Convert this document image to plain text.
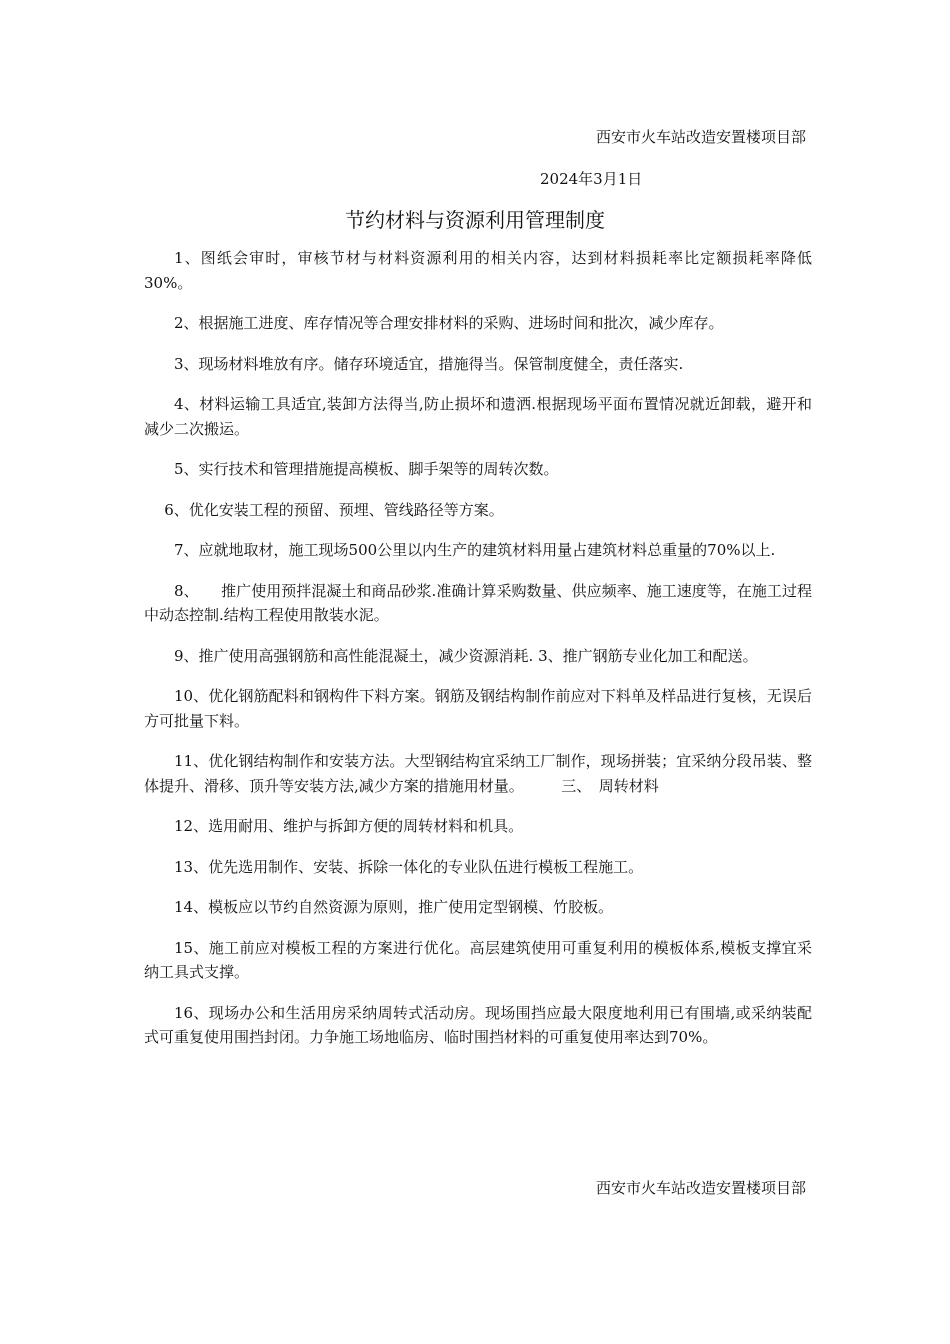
西安市火车站改造安置楼项目部
2024年3月1日
节约材料与资源利用管理制度

1、图纸会审时，审核节材与材料资源利用的相关内容，达到材料损耗率比定额损耗率降低30%。

2、根据施工进度、库存情况等合理安排材料的采购、进场时间和批次，减少库存。

3、现场材料堆放有序。储存环境适宜，措施得当。保管制度健全，责任落实.

4、材料运输工具适宜,装卸方法得当,防止损坏和遗洒.根据现场平面布置情况就近卸载，避开和减少二次搬运。

5、实行技术和管理措施提高模板、脚手架等的周转次数。

6、优化安装工程的预留、预埋、管线路径等方案。

7、应就地取材，施工现场500公里以内生产的建筑材料用量占建筑材料总重量的70%以上.

8、　　推广使用预拌混凝土和商品砂浆.准确计算采购数量、供应频率、施工速度等，在施工过程中动态控制.结构工程使用散装水泥。

9、推广使用高强钢筋和高性能混凝土，减少资源消耗. 3、推广钢筋专业化加工和配送。

10、优化钢筋配料和钢构件下料方案。钢筋及钢结构制作前应对下料单及样品进行复核，无误后方可批量下料。

11、优化钢结构制作和安装方法。大型钢结构宜采纳工厂制作，现场拼装；宜采纳分段吊装、整体提升、滑移、顶升等安装方法,减少方案的措施用材量。　　　三、　周转材料

12、选用耐用、维护与拆卸方便的周转材料和机具。

13、优先选用制作、安装、拆除一体化的专业队伍进行模板工程施工。

14、模板应以节约自然资源为原则，推广使用定型钢模、竹胶板。

15、施工前应对模板工程的方案进行优化。高层建筑使用可重复利用的模板体系,模板支撑宜采纳工具式支撑。

16、现场办公和生活用房采纳周转式活动房。现场围挡应最大限度地利用已有围墙,或采纳装配式可重复使用围挡封闭。力争施工场地临房、临时围挡材料的可重复使用率达到70%。

西安市火车站改造安置楼项目部
